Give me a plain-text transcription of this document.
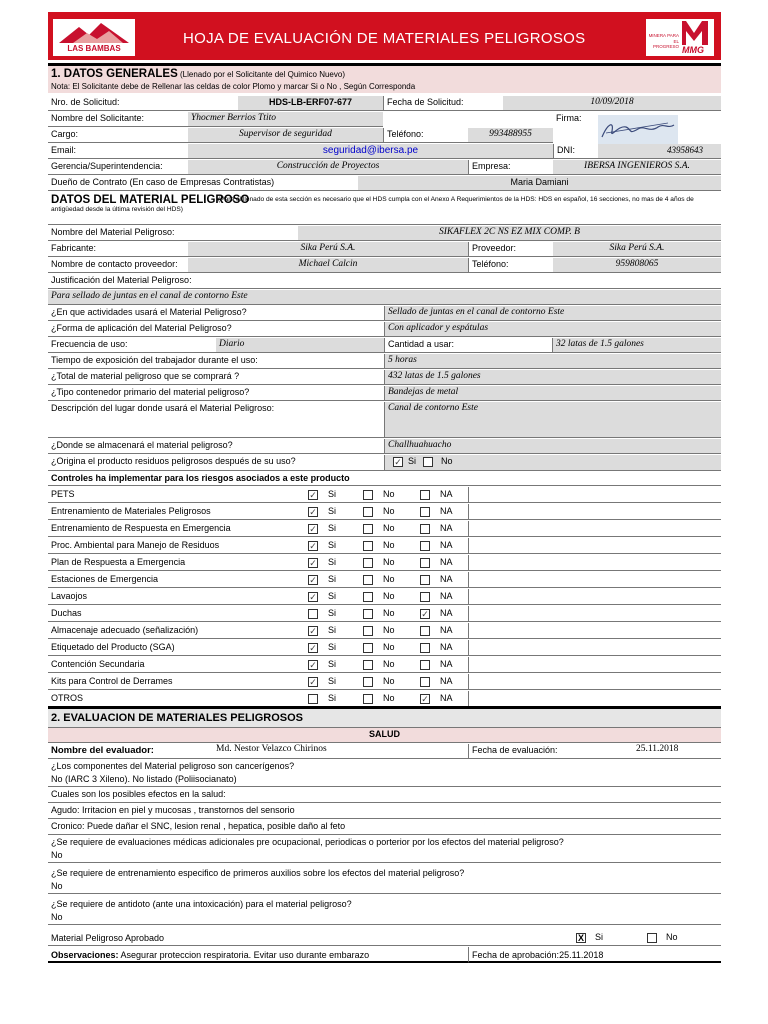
LAS BAMBAS
HOJA DE EVALUACIÓN DE MATERIALES PELIGROSOS	MINERA PARA EL PROGRESO MMG
1. DATOS GENERALES (Llenado por el Solicitante del Quimico Nuevo)
Nota: El Solicitante debe de Rellenar las celdas de color Plomo y marcar Si o No , Según Corresponda
Nro. de Solicitud:	HDS-LB-ERF07-677	Fecha de Solicitud:	10/09/2018
Nombre del Solicitante:	Yhocmer Berrios Ttito	Firma:
Cargo:	Supervisor de seguridad	Teléfono:	993488955
Email:	seguridad@ibersa.pe	DNI:	43958643
Gerencia/Superintendencia:	Construcción de Proyectos	Empresa:	IBERSA INGENIEROS S.A.
Dueño de Contrato (En caso de Empresas Contratistas)	Maria Damiani
DATOS DEL MATERIAL PELIGROSO
(Para el llenado de esta sección es necesario que el HDS cumpla con el Anexo A Requerimientos de la HDS: HDS en español, 16 secciones, no mas de 4 años de antigüedad desde la última revisión del HDS)
Nombre del Material Peligroso:	SIKAFLEX 2C NS EZ MIX COMP. B
Fabricante:	Sika Perú S.A.	Proveedor:	Sika Perú S.A.
Nombre de contacto proveedor:	Michael Calcin	Teléfono:	959808065
Justificación del Material Peligroso:
Para sellado de juntas en el canal de contorno Este
¿En que actividades usará el Material Peligroso?	Sellado de juntas en el canal de contorno Este
¿Forma de aplicación del Material Peligroso?	Con aplicador y espátulas
Frecuencia de uso:	Diario	Cantidad a usar:	32 latas de 1.5 galones
Tiempo de exposición del trabajador durante el uso:	5 horas
¿Total de material peligroso que se comprará ?	432 latas de 1.5 galones
¿Tipo contenedor primario del material peligroso?	Bandejas de metal
Descripción del lugar donde usará el Material Peligroso:	Canal de contorno Este
¿Donde se almacenará el material peligroso?	Challhuahuacho
¿Origina el producto residuos peligrosos después de su uso?	✓ Si	No
Controles ha implementar para los riesgos asociados a este producto
PETS	✓ Si	No	NA
Entrenamiento de Materiales Peligrosos	✓ Si	No	NA
Entrenamiento de Respuesta en Emergencia	✓ Si	No	NA
Proc. Ambiental para Manejo de Residuos	✓ Si	No	NA
Plan de Respuesta a Emergencia	✓ Si	No	NA
Estaciones de Emergencia	✓ Si	No	NA
Lavaojos	✓ Si	No	NA
Duchas	Si	No	✓ NA
Almacenaje adecuado (señalización)	✓ Si	No	NA
Etiquetado del Producto (SGA)	✓ Si	No	NA
Contención Secundaria	✓ Si	No	NA
Kits para Control de Derrames	✓ Si	No	NA
OTROS	Si	No	✓ NA
2. EVALUACION DE MATERIALES PELIGROSOS
SALUD
Nombre del evaluador:	Md. Nestor Velazco Chirinos	Fecha de evaluación:	25.11.2018
¿Los componentes del Material peligroso son cancerígenos?
No (IARC 3 Xileno). No listado (Poliisocianato)
Cuales son los posibles efectos en la salud:
Agudo: Irritacion en piel y mucosas , transtornos del sensorio
Cronico: Puede dañar el SNC, lesion renal , hepatica, posible daño al feto
¿Se requiere de evaluaciones médicas adicionales pre ocupacional, periodicas o porterior por los efectos del material peligroso?
No
¿Se requiere de entrenamiento especifico de primeros auxilios sobre los efectos del material peligroso?
No
¿Se requiere de antidoto (ante una intoxicación) para el material peligroso?
No
Material Peligroso Aprobado	X Si	No
Observaciones: Asegurar proteccion respiratoria. Evitar uso durante embarazo	Fecha de aprobación:25.11.2018
